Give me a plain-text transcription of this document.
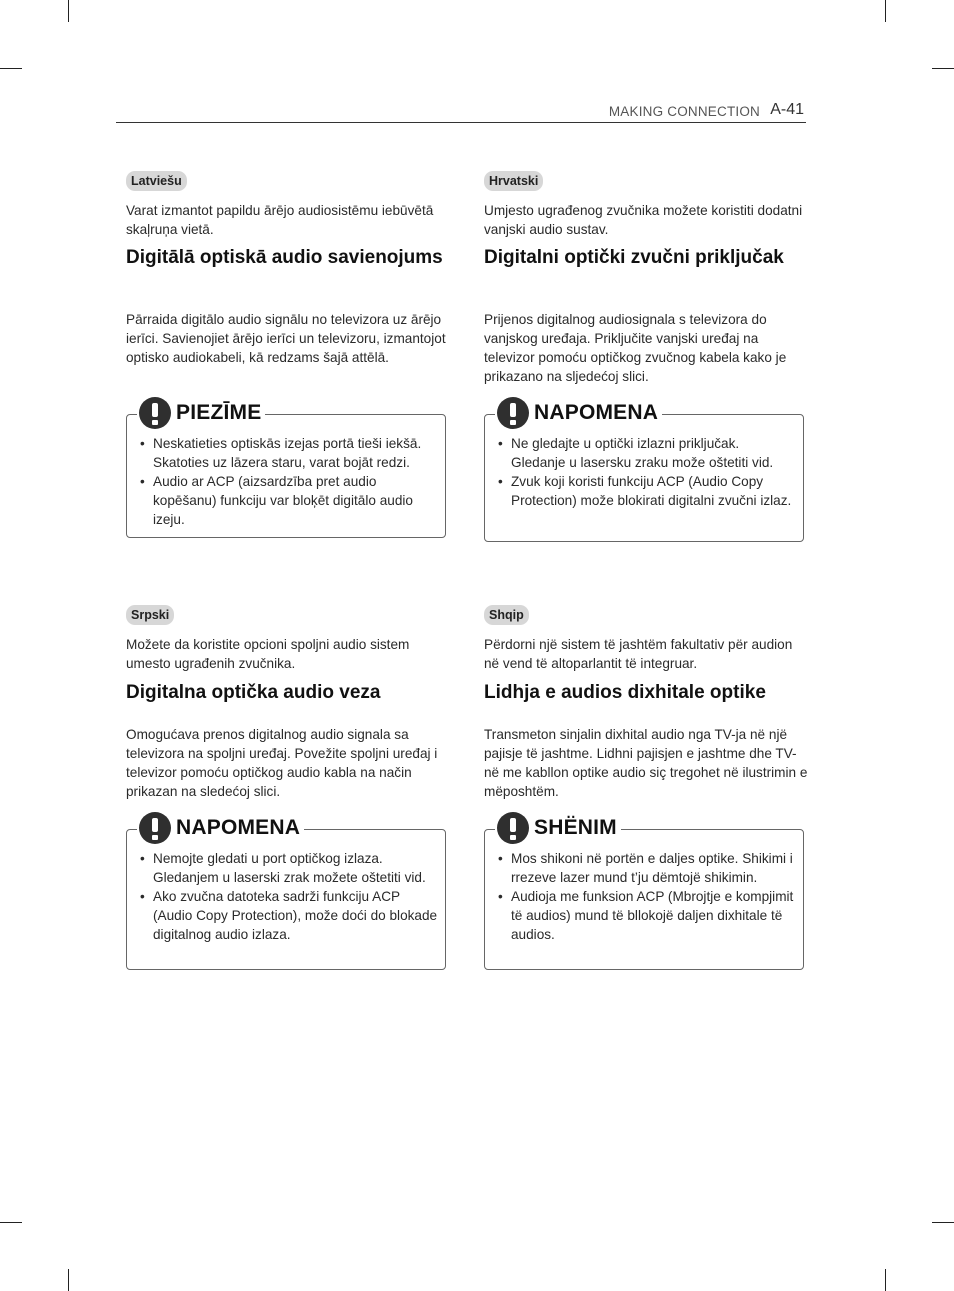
MAKING CONNECTION A-41
Latviešu
Varat izmantot papildu ārējo audiosistēmu iebūvētā skaļruņa vietā.
Digitālā optiskā audio savienojums
Pārraida digitālo audio signālu no televizora uz ārējo ierīci. Savienojiet ārējo ierīci un televizoru, izmantojot optisko audiokabeli, kā redzams šajā attēlā.
PIEZĪME
• Neskatieties optiskās izejas portā tieši iekšā. Skatoties uz lāzera staru, varat bojāt redzi.
• Audio ar ACP (aizsardzība pret audio kopēšanu) funkciju var bloķēt digitālo audio izeju.
Hrvatski
Umjesto ugrađenog zvučnika možete koristiti dodatni vanjski audio sustav.
Digitalni optički zvučni priključak
Prijenos digitalnog audiosignala s televizora do vanjskog uređaja. Priključite vanjski uređaj na televizor pomoću optičkog zvučnog kabela kako je prikazano na sljedećoj slici.
NAPOMENA
• Ne gledajte u optički izlazni priključak. Gledanje u lasersku zraku može oštetiti vid.
• Zvuk koji koristi funkciju ACP (Audio Copy Protection) može blokirati digitalni zvučni izlaz.
Srpski
Možete da koristite opcioni spoljni audio sistem umesto ugrađenih zvučnika.
Digitalna optička audio veza
Omogućava prenos digitalnog audio signala sa televizora na spoljni uređaj. Povežite spoljni uređaj i televizor pomoću optičkog audio kabla na način prikazan na sledećoj slici.
NAPOMENA
• Nemojte gledati u port optičkog izlaza. Gledanjem u laserski zrak možete oštetiti vid.
• Ako zvučna datoteka sadrži funkciju ACP (Audio Copy Protection), može doći do blokade digitalnog audio izlaza.
Shqip
Përdorni një sistem të jashtëm fakultativ për audion në vend të altoparlantit të integruar.
Lidhja e audios dixhitale optike
Transmeton sinjalin dixhital audio nga TV-ja në një pajisje të jashtme. Lidhni pajisjen e jashtme dhe TV-në me kabllon optike audio siç tregohet në ilustrimin e mëposhtëm.
SHËNIM
• Mos shikoni në portën e daljes optike. Shikimi i rrezeve lazer mund t’ju dëmtojë shikimin.
• Audioja me funksion ACP (Mbrojtje e kompjimit të audios) mund të bllokojë daljen dixhitale të audios.
